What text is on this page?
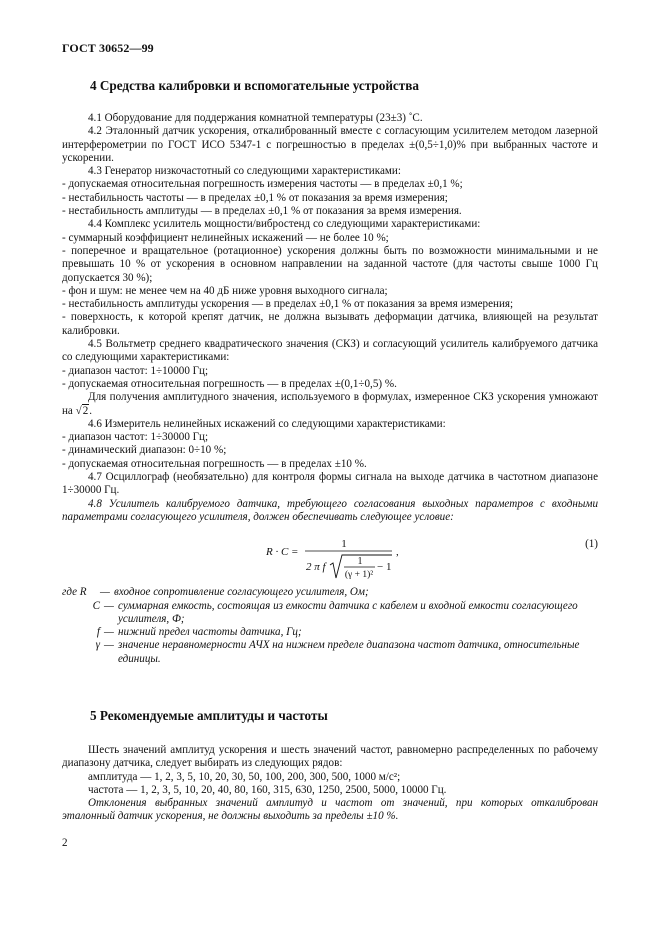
ГОСТ 30652—99
4 Средства калибровки и вспомогательные устройства

4.1 Оборудование для поддержания комнатной температуры (23±3) ˚С.

4.2 Эталонный датчик ускорения, откалиброванный вместе с согласующим усилителем методом лазерной интерферометрии по ГОСТ ИСО 5347-1 с погрешностью в пределах ±(0,5÷1,0)% при выбранных частоте и ускорении.

4.3 Генератор низкочастотный со следующими характеристиками:

- допускаемая относительная погрешность измерения частоты — в пределах ±0,1 %;

- нестабильность частоты — в пределах ±0,1 % от показания за время измерения;

- нестабильность амплитуды — в пределах ±0,1 % от показания за время измерения.

4.4 Комплекс усилитель мощности/вибростенд со следующими характеристиками:

- суммарный коэффициент нелинейных искажений — не более 10 %;

- поперечное и вращательное (ротационное) ускорения должны быть по возможности минимальными и не превышать 10 % от ускорения в основном направлении на заданной частоте (для частоты свыше 1000 Гц допускается 30 %);

- фон и шум: не менее чем на 40 дБ ниже уровня выходного сигнала;

- нестабильность амплитуды ускорения — в пределах ±0,1 % от показания за время измерения;

- поверхность, к которой крепят датчик, не должна вызывать деформации датчика, влияющей на результат калибровки.

4.5 Вольтметр среднего квадратического значения (СКЗ) и согласующий усилитель калибруемого датчика со следующими характеристиками:

- диапазон частот: 1÷10000 Гц;

- допускаемая относительная погрешность — в пределах ±(0,1÷0,5) %.

Для получения амплитудного значения, используемого в формулах, измеренное СКЗ ускорения умножают на √2.

4.6 Измеритель нелинейных искажений со следующими характеристиками:

- диапазон частот: 1÷30000 Гц;

- динамический диапазон: 0÷10 %;

- допускаемая относительная погрешность — в пределах ±10 %.

4.7 Осциллограф (необязательно) для контроля формы сигнала на выходе датчика в частотном диапазоне 1÷30000 Гц.

4.8 Усилитель калибруемого датчика, требующего согласования выходных параметров с входными параметрами согласующего усилителя, должен обеспечивать следующее условие:

R · C =
1
2 π f	1
(γ + 1)²
− 1
,
(1)
где R	— входное сопротивление согласующего усилителя, Ом;
C — суммарная емкость, состоящая из емкости датчика с кабелем и входной емкости согласующего усилителя, Ф;
f — нижний предел частоты датчика, Гц;
γ — значение неравномерности АЧХ на нижнем пределе диапазона частот датчика, относительные единицы.
5 Рекомендуемые амплитуды и частоты

Шесть значений амплитуд ускорения и шесть значений частот, равномерно распределенных по рабочему диапазону датчика, следует выбирать из следующих рядов:

амплитуда — 1, 2, 3, 5, 10, 20, 30, 50, 100, 200, 300, 500, 1000 м/с²;

частота — 1, 2, 3, 5, 10, 20, 40, 80, 160, 315, 630, 1250, 2500, 5000, 10000 Гц.

Отклонения выбранных значений амплитуд и частот от значений, при которых откалиброван эталонный датчик ускорения, не должны выходить за пределы ±10 %.

2
